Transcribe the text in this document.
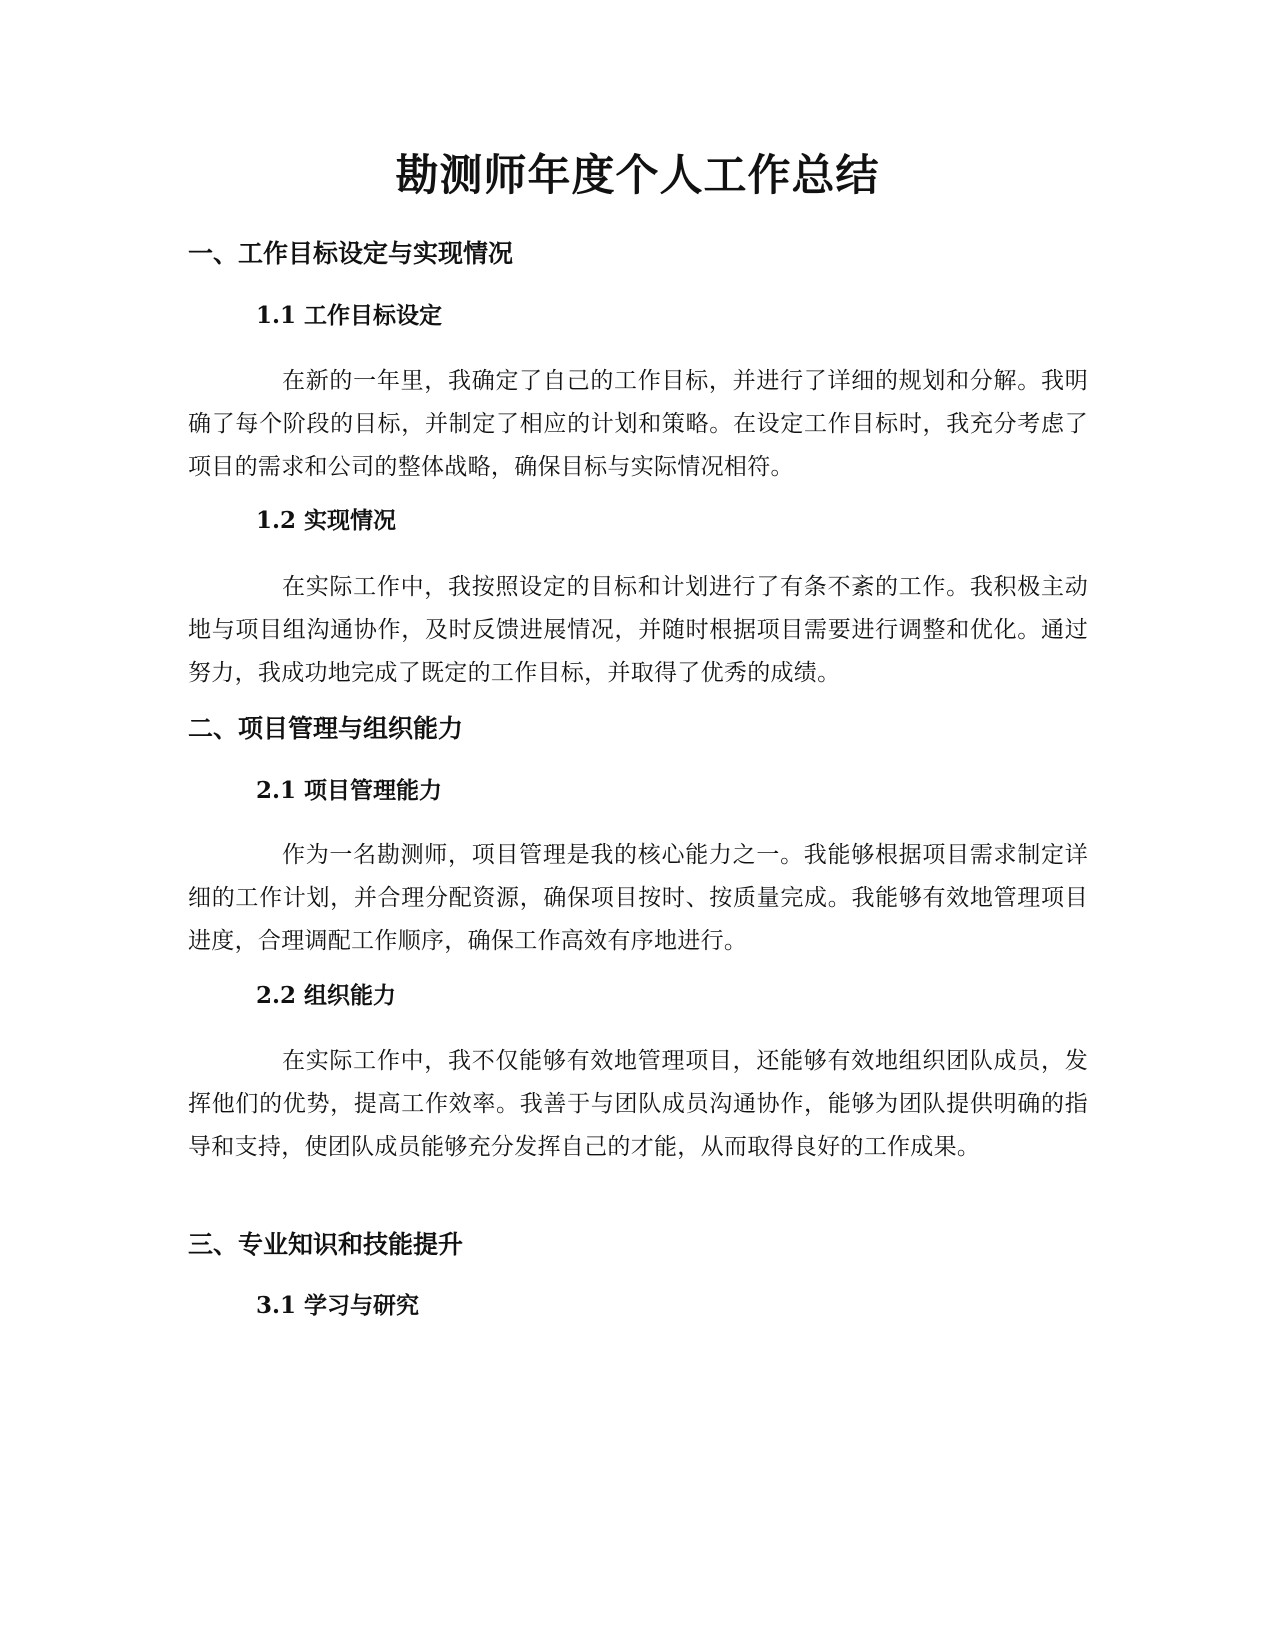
勘测师年度个人工作总结
一、工作目标设定与实现情况
1.1 工作目标设定

在新的一年里，我确定了自己的工作目标，并进行了详细的规划和分解。我明确了每个阶段的目标，并制定了相应的计划和策略。在设定工作目标时，我充分考虑了项目的需求和公司的整体战略，确保目标与实际情况相符。

1.2 实现情况

在实际工作中，我按照设定的目标和计划进行了有条不紊的工作。我积极主动地与项目组沟通协作，及时反馈进展情况，并随时根据项目需要进行调整和优化。通过努力，我成功地完成了既定的工作目标，并取得了优秀的成绩。

二、项目管理与组织能力
2.1 项目管理能力

作为一名勘测师，项目管理是我的核心能力之一。我能够根据项目需求制定详细的工作计划，并合理分配资源，确保项目按时、按质量完成。我能够有效地管理项目进度，合理调配工作顺序，确保工作高效有序地进行。

2.2 组织能力

在实际工作中，我不仅能够有效地管理项目，还能够有效地组织团队成员，发挥他们的优势，提高工作效率。我善于与团队成员沟通协作，能够为团队提供明确的指导和支持，使团队成员能够充分发挥自己的才能，从而取得良好的工作成果。

三、专业知识和技能提升
3.1 学习与研究
